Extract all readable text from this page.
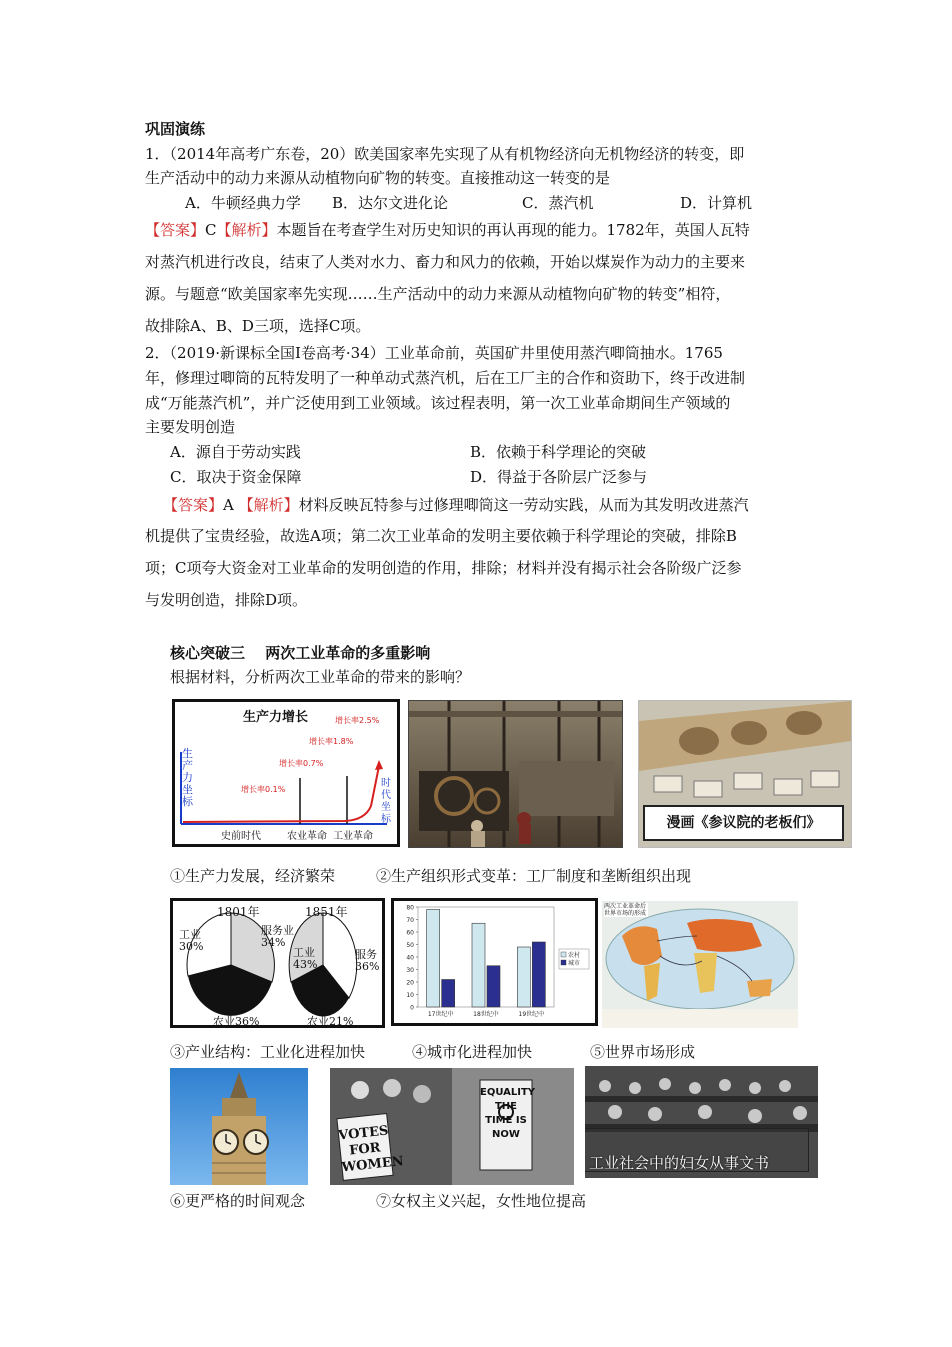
巩固演练
1．（2014年高考广东卷，20）欧美国家率先实现了从有机物经济向无机物经济的转变，即
生产活动中的动力来源从动植物向矿物的转变。直接推动这一转变的是
A．牛顿经典力学 B．达尔文进化论	C．蒸汽机	D．计算机
【答案】C【解析】本题旨在考查学生对历史知识的再认再现的能力。1782年，英国人瓦特
对蒸汽机进行改良，结束了人类对水力、畜力和风力的依赖，开始以煤炭作为动力的主要来
源。与题意“欧美国家率先实现……生产活动中的动力来源从动植物向矿物的转变”相符，
故排除A、B、D三项，选择C项。
2．（2019·新课标全国Ⅰ卷高考·34）工业革命前，英国矿井里使用蒸汽唧筒抽水。1765
年，修理过唧筒的瓦特发明了一种单动式蒸汽机，后在工厂主的合作和资助下，终于改进制
成“万能蒸汽机”，并广泛使用到工业领域。该过程表明，第一次工业革命期间生产领域的
主要发明创造
A．源自于劳动实践	B．依赖于科学理论的突破
C．取决于资金保障	D．得益于各阶层广泛参与
【答案】A 【解析】材料反映瓦特参与过修理唧筒这一劳动实践，从而为其发明改进蒸汽
机提供了宝贵经验，故选A项；第二次工业革命的发明主要依赖于科学理论的突破，排除B
项；C项夸大资金对工业革命的发明创造的作用，排除；材料并没有揭示社会各阶级广泛参
与发明创造，排除D项。
核心突破三　 两次工业革命的多重影响
根据材料，分析两次工业革命的带来的影响？
生产力增长
生产力坐标
时代坐标
增长率0.1%
增长率0.7%
增长率1.8%
增长率2.5%
史前时代	农业革命 工业革命
漫画《参议院的老板们》
①生产力发展，经济繁荣	②生产组织形式变革：工厂制度和垄断组织出现
1801年	1851年
工业
30%
服务业
34%
农业36%
工业
43%
服务
36%
农业21%
0
10
20
30
40
50
60
70
80
17世纪中	18世纪中	19世纪中
农村
城市
两次工业革命后世界市场的形成
③产业结构：工业化进程加快	④城市化进程加快	⑤世界市场形成
VOTES FOR WOMEN
EQUALITY THE TIME IS NOW
工业社会中的妇女从事文书
⑥更严格的时间观念	⑦女权主义兴起，女性地位提高
